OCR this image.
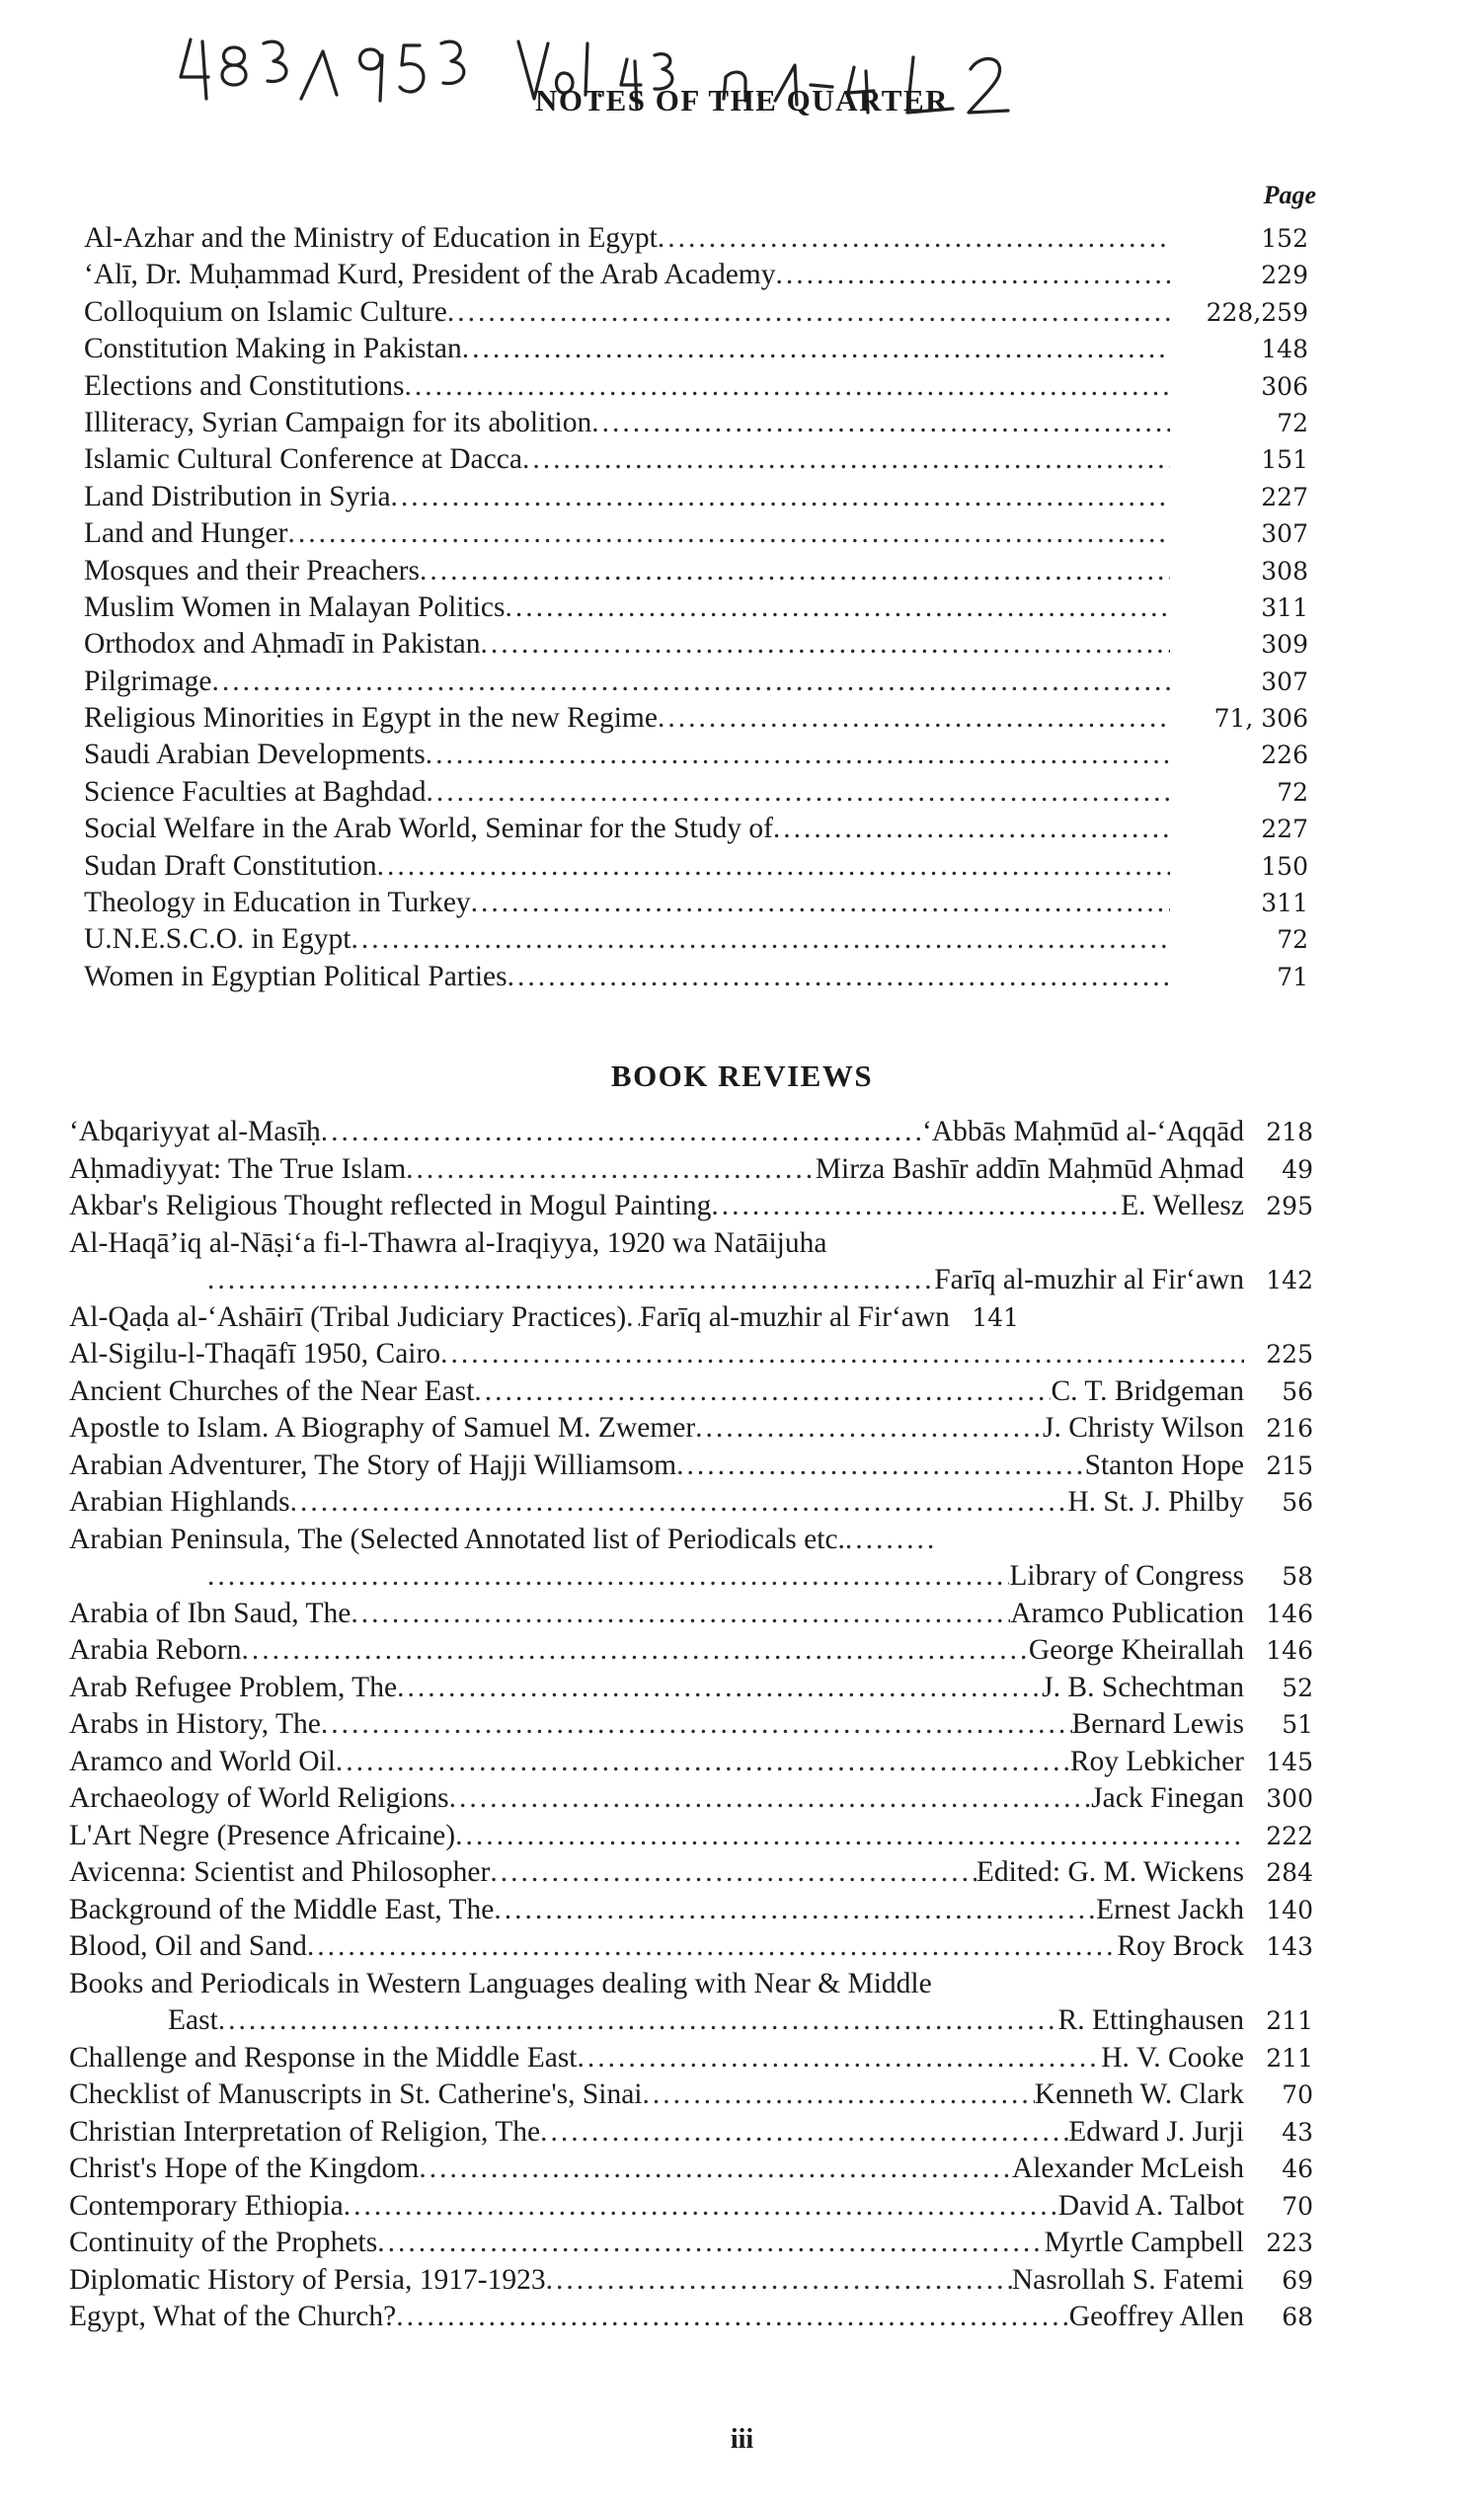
NOTES OF THE QUARTER
Page
Al-Azhar and the Ministry of Education in Egypt .....	152
‘Alī, Dr. Muḥammad Kurd, President of the Arab Academy .....	229
Colloquium on Islamic Culture .....	228,259
Constitution Making in Pakistan .....	148
Elections and Constitutions .....	306
Illiteracy, Syrian Campaign for its abolition .....	72
Islamic Cultural Conference at Dacca .....	151
Land Distribution in Syria .....	227
Land and Hunger .....	307
Mosques and their Preachers .....	308
Muslim Women in Malayan Politics .....	311
Orthodox and Aḥmadī in Pakistan .....	309
Pilgrimage .....	307
Religious Minorities in Egypt in the new Regime .....	71, 306
Saudi Arabian Developments .....	226
Science Faculties at Baghdad .....	72
Social Welfare in the Arab World, Seminar for the Study of .....	227
Sudan Draft Constitution .....	150
Theology in Education in Turkey .....	311
U.N.E.S.C.O. in Egypt .....	72
Women in Egyptian Political Parties .....	71
BOOK REVIEWS
‘Abqariyyat al-Masīḥ .....	‘Abbās Maḥmūd al-‘Aqqād 218
Aḥmadiyyat: The True Islam .....	Mirza Bashīr addīn Maḥmūd Aḥmad	49
Akbar's Religious Thought reflected in Mogul Painting .....	E. Wellesz 295
Al-Haqā’iq al-Nāṣi‘a fi-l-Thawra al-Iraqiyya, 1920 wa Natāijuha
.....
Farīq al-muzhir al Fir‘awn 142
Al-Qaḍa al-‘Ashāirī (Tribal Judiciary Practices) ..... Farīq al-muzhir al Fir‘awn 141
Al-Sigilu-l-Thaqāfī 1950, Cairo .....	225
Ancient Churches of the Near East .....	C. T. Bridgeman	56
Apostle to Islam. A Biography of Samuel M. Zwemer .....	J. Christy Wilson 216
Arabian Adventurer, The Story of Hajji Williamsom .....	Stanton Hope 215
Arabian Highlands .....	H. St. J. Philby	56
Arabian Peninsula, The (Selected Annotated list of Periodicals etc.
.....
.....
Library of Congress	58
Arabia of Ibn Saud, The .....	Aramco Publication 146
Arabia Reborn .....	George Kheirallah 146
Arab Refugee Problem, The .....	J. B. Schechtman	52
Arabs in History, The .....	Bernard Lewis	51
Aramco and World Oil .....	Roy Lebkicher 145
Archaeology of World Religions .....	Jack Finegan 300
L'Art Negre (Presence Africaine) .....	222
Avicenna: Scientist and Philosopher .....	Edited: G. M. Wickens 284
Background of the Middle East, The .....	Ernest Jackh 140
Blood, Oil and Sand .....	Roy Brock 143
Books and Periodicals in Western Languages dealing with Near & Middle
East .....	R. Ettinghausen 211
Challenge and Response in the Middle East .....	H. V. Cooke 211
Checklist of Manuscripts in St. Catherine's, Sinai .....	Kenneth W. Clark	70
Christian Interpretation of Religion, The .....	Edward J. Jurji	43
Christ's Hope of the Kingdom .....	Alexander McLeish	46
Contemporary Ethiopia .....	David A. Talbot	70
Continuity of the Prophets .....	Myrtle Campbell 223
Diplomatic History of Persia, 1917-1923 .....	Nasrollah S. Fatemi	69
Egypt, What of the Church? .....	Geoffrey Allen	68
iii
